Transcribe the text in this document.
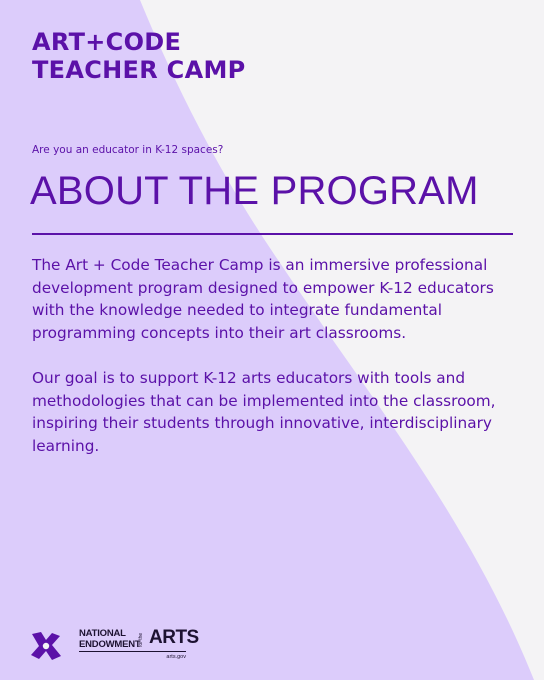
ART+CODE
TEACHER CAMP

Are you an educator in K-12 spaces?

ABOUT THE PROGRAM

The Art + Code Teacher Camp is an immersive professional development program designed to empower K-12 educators with the knowledge needed to integrate fundamental programming concepts into their art classrooms.

Our goal is to support K-12 arts educators with tools and methodologies that can be implemented into the classroom, inspiring their students through innovative, interdisciplinary learning.

NATIONAL
ENDOWMENT
for the ARTS
arts.gov
